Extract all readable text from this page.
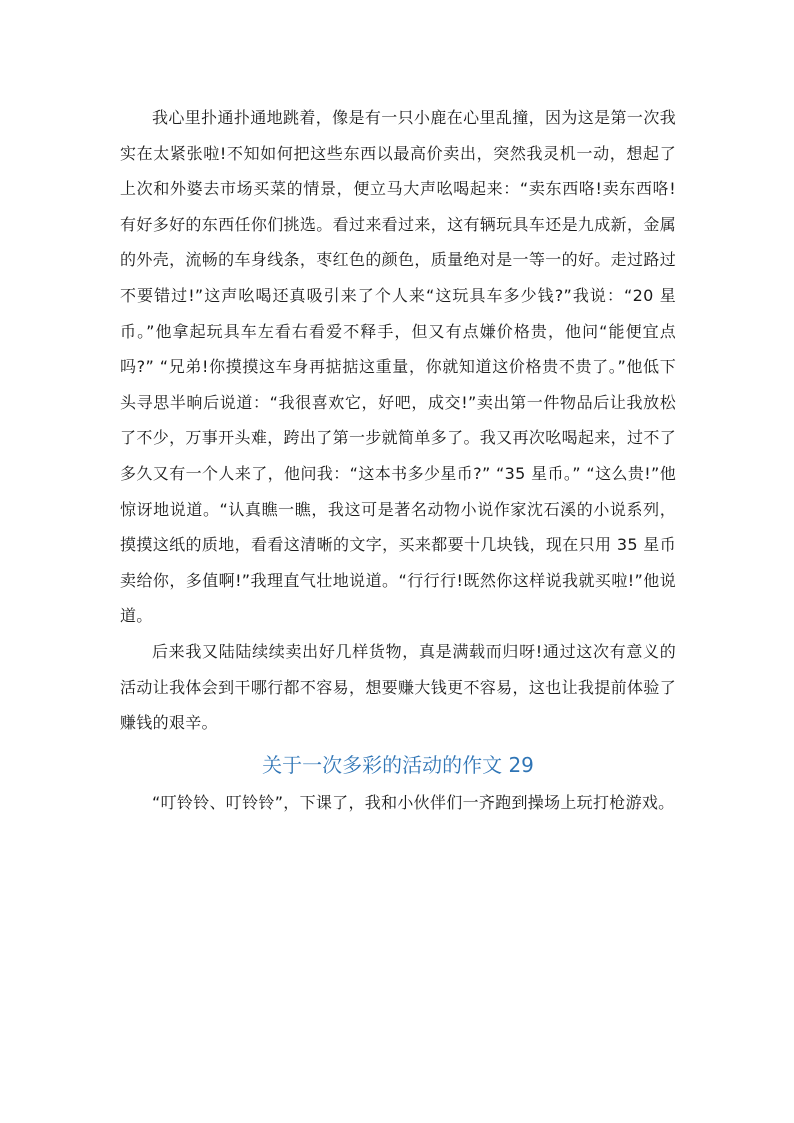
我心里扑通扑通地跳着，像是有一只小鹿在心里乱撞，因为这是第一次我实在太紧张啦!不知如何把这些东西以最高价卖出，突然我灵机一动，想起了上次和外婆去市场买菜的情景，便立马大声吆喝起来：“卖东西咯!卖东西咯!有好多好的东西任你们挑选。看过来看过来，这有辆玩具车还是九成新，金属的外壳，流畅的车身线条，枣红色的颜色，质量绝对是一等一的好。走过路过不要错过!”这声吆喝还真吸引来了个人来“这玩具车多少钱?”我说：“20 星币。”他拿起玩具车左看右看爱不释手，但又有点嫌价格贵，他问“能便宜点吗?” “兄弟!你摸摸这车身再掂掂这重量，你就知道这价格贵不贵了。”他低下头寻思半晌后说道：“我很喜欢它，好吧，成交!”卖出第一件物品后让我放松了不少，万事开头难，跨出了第一步就简单多了。我又再次吆喝起来，过不了多久又有一个人来了，他问我：“这本书多少星币?” “35 星币。” “这么贵!”他惊讶地说道。“认真瞧一瞧，我这可是著名动物小说作家沈石溪的小说系列，摸摸这纸的质地，看看这清晰的文字，买来都要十几块钱，现在只用 35 星币卖给你，多值啊!”我理直气壮地说道。“行行行!既然你这样说我就买啦!”他说道。

后来我又陆陆续续卖出好几样货物，真是满载而归呀!通过这次有意义的活动让我体会到干哪行都不容易，想要赚大钱更不容易，这也让我提前体验了赚钱的艰辛。

关于一次多彩的活动的作文 29

“叮铃铃、叮铃铃”，下课了，我和小伙伴们一齐跑到操场上玩打枪游戏。
